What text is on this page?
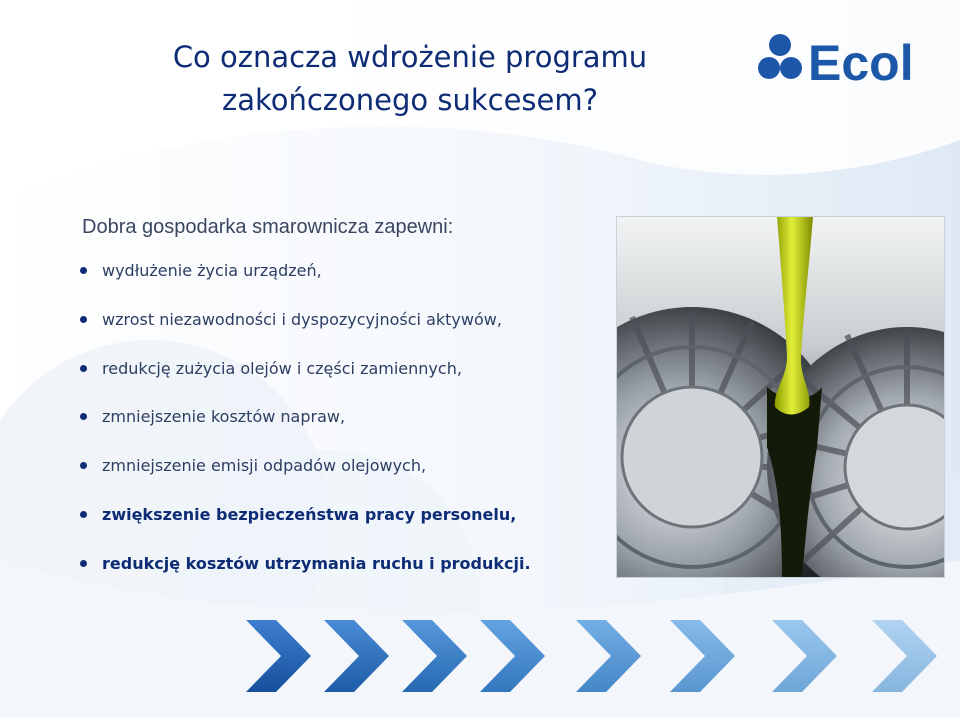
Co oznacza wdrożenie programu
zakończonego sukcesem?
Ecol
Dobra gospodarka smarownicza zapewni:
wydłużenie życia urządzeń,
wzrost niezawodności i dyspozycyjności aktywów,
redukcję zużycia olejów i części zamiennych,
zmniejszenie kosztów napraw,
zmniejszenie emisji odpadów olejowych,
zwiększenie bezpieczeństwa pracy personelu,
redukcję kosztów utrzymania ruchu i produkcji.
